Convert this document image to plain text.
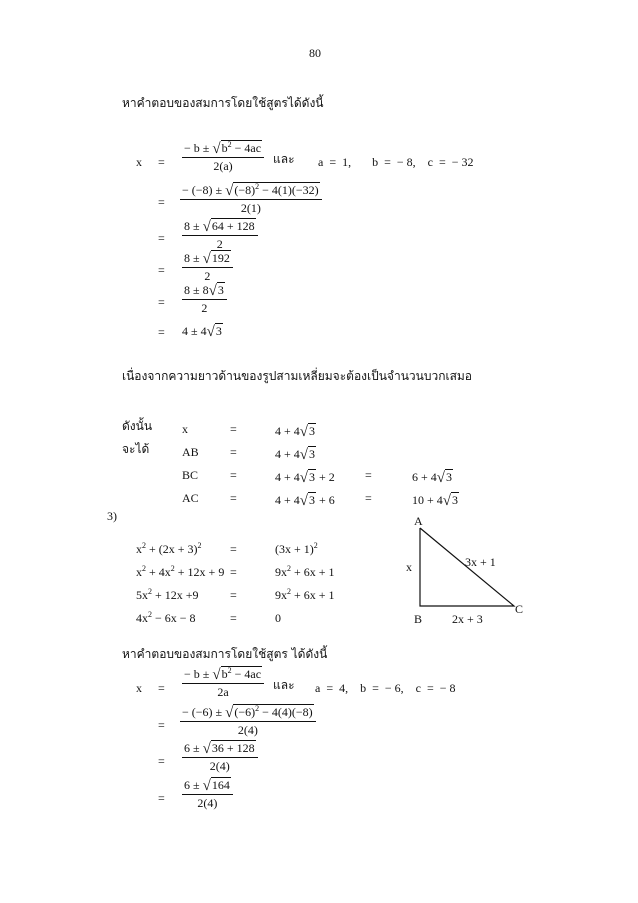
80
หาคำตอบของสมการโดยใช้สูตรได้ดังนี้
$x = \frac{- b \pm √b^2 - 4ac}{2(a)}$ และ a  =  1,       b  =  − 8,    c  =  − 32
= $\frac{- (-8) \pm √(-8)^2 - 4(1)(-32)}{2(1)}$
= $\frac{8 \pm √64 + 128}{2}$
= $\frac{8 \pm √192}{2}$
= $\frac{8 \pm 8√3}{2}$
= 4 ± 4√3
เนื่องจากความยาวด้านของรูปสามเหลี่ยมจะต้องเป็นจำนวนบวกเสมอ
ดังนั้น x	=	4 + 4√3
จะได้	AB	=	4 + 4√3
BC	=	4 + 4√3 + 2	=	6 + 4√3
AC	=	4 + 4√3 + 6	=	10 + 4√3
3)
$x^2 + (2x + 3)^2$ =	$(3x + 1)^2$
$x^2 + 4x^2 + 12x + 9$ =	$9x^2 + 6x + 1$
$5x^2 + 12x +9$	=	$9x^2 + 6x + 1$
$4x^2 - 6x - 8$	=	0
A
B
C
x	3x + 1
2x + 3
หาคำตอบของสมการโดยใช้สูตร ได้ดังนี้
$x = \frac{- b \pm √b^2 - 4ac}{2a}$ และ a  =  4,    b  =  − 6,    c  =  − 8
= $\frac{- (-6) \pm √(-6)^2 - 4(4)(-8)}{2(4)}$
= $\frac{6 \pm √36 + 128}{2(4)}$
= $\frac{6 \pm √164}{2(4)}$
